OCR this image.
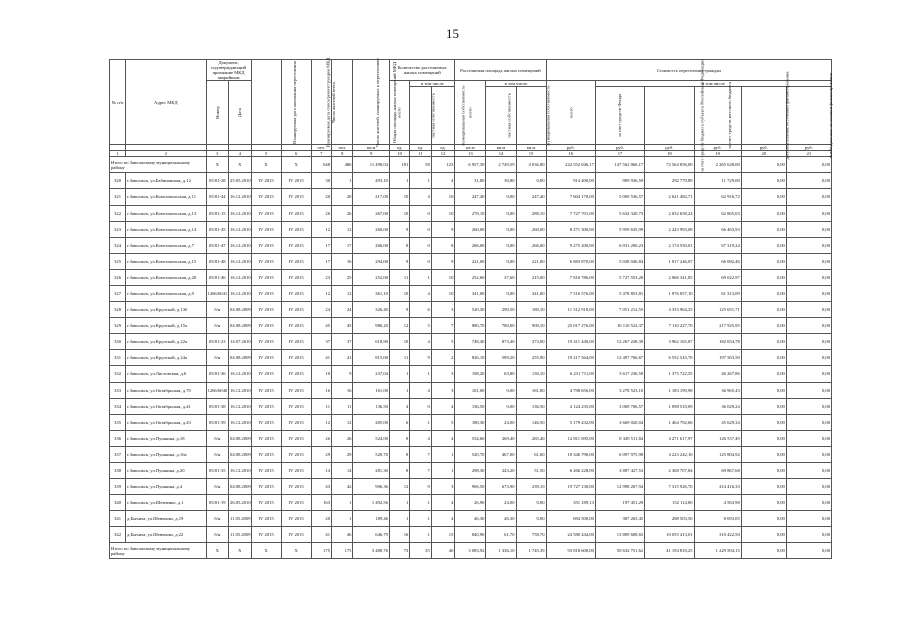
15
№ п/п	Адрес МКД	Документ, подтверждающий признание МКД аварийным		Планируемая дата окончания переселения	Планируемая дата сноса/реконструкции МКД	Число жителей всего	Число жителей, планируемых к переселению	Общая площадь жилых помещений МКД	Количество расселяемых жилых помещений			Расселяемая площадь жилых помещений			Стоимость переселения граждан					
		Номер	Дата						всего	в том числе		всего	в том числе		всего	в том числе				
										частная собственность	муниципальная собственность		частная собственность	муниципальная собственность		за счет средств Фонда	за счет средств бюджета субъекта Российской Федерации	за счет средств местного бюджета	дополнительные источники финансирования	внебюджетные источники финансирования
						чел.	чел.	кв.м	ед.	ед.	ед.	кв.м	кв.м	кв.м	руб.	руб.	руб.	руб.	руб.	руб.
1	2	3	4	5	6	7	8	9	10	11	12	13	14	15	16	17	18	19	20	21
Итого по Заволжскому муниципальному району		X	X	X	X	648	486	11 498,04	181	58	123	6 957,39	2 749,59	4 036,80	222 552 046,17	147 562 066,17	72 564 856,00	2 265 628,00	0,00	0,00
320	г.Заволжск, ул.Бабиновская, д.12	05/01-28	25.05.2010	IV 2015	IV 2015	30	1	493,10	1	1	4	31,80	30,80	0,00	914 400,00	909 936,59	292 779,89	11 729,00	0,00	0,00
321	г.Заволжск, ул.Комсомольская, д.11	05/01-44	16.12.2010	IV 2015	IV 2015	20	20	217,00	10	4	10	247,40	0,00	247,40	7 604 178,00	5 000 536,57	2 621 482,71	62 916,72	0,00	0,00
322	г.Заволжск, ул.Комсомольская, д.13	05/01-15	16.12.2010	IV 2015	IV 2015	26	26	267,00	10	0	10	278,10	0,00	288,10	7 727 701,00	5 632 320,73	2 032 658,24	62 865,03	0,00	0,00
323	г.Заволжск, ул.Комсомольская, д.14	05/01-45	16.12.2010	IV 2015	IV 2015	12	12	260,00	9	0	9	260,00	0,00	260,00	8 271 300,00	5 959 635,99	2 243 993,08	66 463,93	0,00	0,00
324	г.Заволжск, ул.Комсомольская, д.7	05/01-47	16.12.2010	IV 2015	IV 2015	17	17	266,00	8	0	8	266,00	0,00	266,00	9 275 200,00	6 031 200,23	2 174 550,01	67 319,24	0,00	0,00
325	г.Заволжск, ул.Комсомольская, д.15	05/01-48	16.12.2010	IV 2015	IV 2015	17	16	294,00	9	0	9	221,00	0,00	221,00	6 883 870,00	5 028 046,84	1 817 246,07	66 082,46	0,00	0,00
326	г.Заволжск, ул.Комсомольская, д.20	05/01-46	16.12.2010	IV 2015	IV 2015	23	25	252,00	11	1	10	252,60	37,60	215,00	7 816 786,00	5 727 553,20	2 066 341,85	69 022,97	0,00	0,00
327	г.Заволжск, ул.Комсомольская, д.9	1266/6041	16.12.2010	IV 2015	IV 2015	12	12	361,10	10	4	10	341,00	0,00	341,00	7 516 576,00	5 478 853,81	1 976 857,10	61 313,09	0,00	0,00
328	г.Заволжск, ул.Крупской, д.13б	б/н	04.08.2009	IV 2015	IV 2015	24	24	326,40	9	6	3	520,30	290,50	180,10	11 512 910,00	7 051 212,55	4 333 964,25	125 651,71	0,00	0,00
329	г.Заволжск, ул.Крупской, д.15а	б/н	04.08.2009	IV 2015	IV 2015	45	45	986,20	12	5	7	880,70	780,00	900,10	25 017 276,00	16 110 522,37	7 110 227,70	217 925,95	0,00	0,00
330	г.Заволжск, ул.Крупской, д.22а	05/01-23	14.07.2010	IV 2015	IV 2015	37	37	618,90	10	4	5	748,40	873,40	373,00	19 411 440,00	12 267 228,39	3 962 165,87	182 054,78	0,00	0,00
331	г.Заволжск, ул.Крупской, д.24а	б/н	04.08.2009	IV 2015	IV 2015	41	41	815,00	11	9	2	826,10	589,20	255,90	19 217 564,00	12 497 766,67	6 552 543,76	197 563,50	0,00	0,00
332	г.Заволжск, ул.Листовская, д.6	05/01-36	16.12.2010	IV 2015	IV 2015	10	9	237,04	1	1	3	198,20	63,80	130,10	6 231 711,00	3 617 236,50	1 375 722,55	46 267,86	0,00	0,00
333	г.Заволжск, ул.Октябрьская, д.70	1266/6040	16.12.2010	IV 2015	IV 2015	16	16	161,00	1	4	3	161,00	0,00	161,00	4 798 656,00	3 278 523,10	1 183 199,98	36 965,43	0,00	0,00
334	г.Заволжск, ул.Октябрьская, д.41	05/01-38	16.12.2010	IV 2015	IV 2015	11	11	136,50	4	0	4	136,50	0,00	136,50	4 124 235,00	3 069 706,57	1 098 510,09	36 029,24	0,00	0,00
335	г.Заволжск, ул.Октябрьская, д.43	05/01-39	16.12.2010	IV 2015	IV 2015	12	12	205,00	6	1	5	180,30	24,00	146,50	5 179 432,00	3 669 020,04	1 464 792,66	45 629,34	0,00	0,00
336	г.Заволжск, ул.Пушкина, д.18	б/н	04.08.2009	IV 2015	IV 2015	26	26	524,00	8	4	4	534,60	269,40	265,40	12 811 695,00	8 349 511,84	4 271 617,97	126 557,49	0,00	0,00
337	г.Заволжск, ул.Пушкина, д.16а	б/н	04.08.2009	IV 2015	IV 2015	29	29	520,70	8	7	1	520,70	467,00	61,60	10 346 790,00	6 097 975,98	4 223 242,10	125 804,92	0,00	0,00
338	г.Заволжск, ул.Пушкина, д.20	05/01-35	16.12.2010	IV 2015	IV 2015	14	14	281,30	8	7	1	298,30	243,20	51,50	6 266 228,00	3 887 427,53	2 368 707,84	69 867,68	0,00	0,00
339	г.Заволжск, ул.Пушкина, д.4	б/н	04.08.2009	IV 2015	IV 2015	43	42	906,36	12	9	3	906,50	673,90	239,10	19 727 130,00	12 998 267,94	7 315 926,70	214 416,33	0,00	0,00
340	г.Заволжск, ул.Шевченко, д.1	05/01-19	26.05.2010	IV 2015	IV 2015	163	1	1 492,56	1	1	4	26,90	24,00	0,00	351 189,13	197 451,29	152 114,80	4 563,98	0,00	0,00
341	д.Бычиха, ул.Шевченко, д.19	б/н	11.05.2009	IV 2015	IV 2015	20	1	189,46	1	1	4	46,30	46,30	0,00	694 500,00	387 263,45	288 503,50	8 693,05	0,00	0,00
342	д.Бычиха, ул.Шевченко, д.22	б/н	11.05.2009	IV 2015	IV 2015	41	46	646,79	16	1	15	840,90	61,70	758,70	24 580 444,00	13 889 608,65	10 055 413,01	310 422,50	0,00	0,00
Итого по Заволжскому муниципальному району		X	X	X	X	175	175	3 480,76	73	35	46	3 083,92	1 336,10	1 745,39	93 818 600,00	50 632 751,62	41 194 810,25	1 229 504,15	0,00	0,00
